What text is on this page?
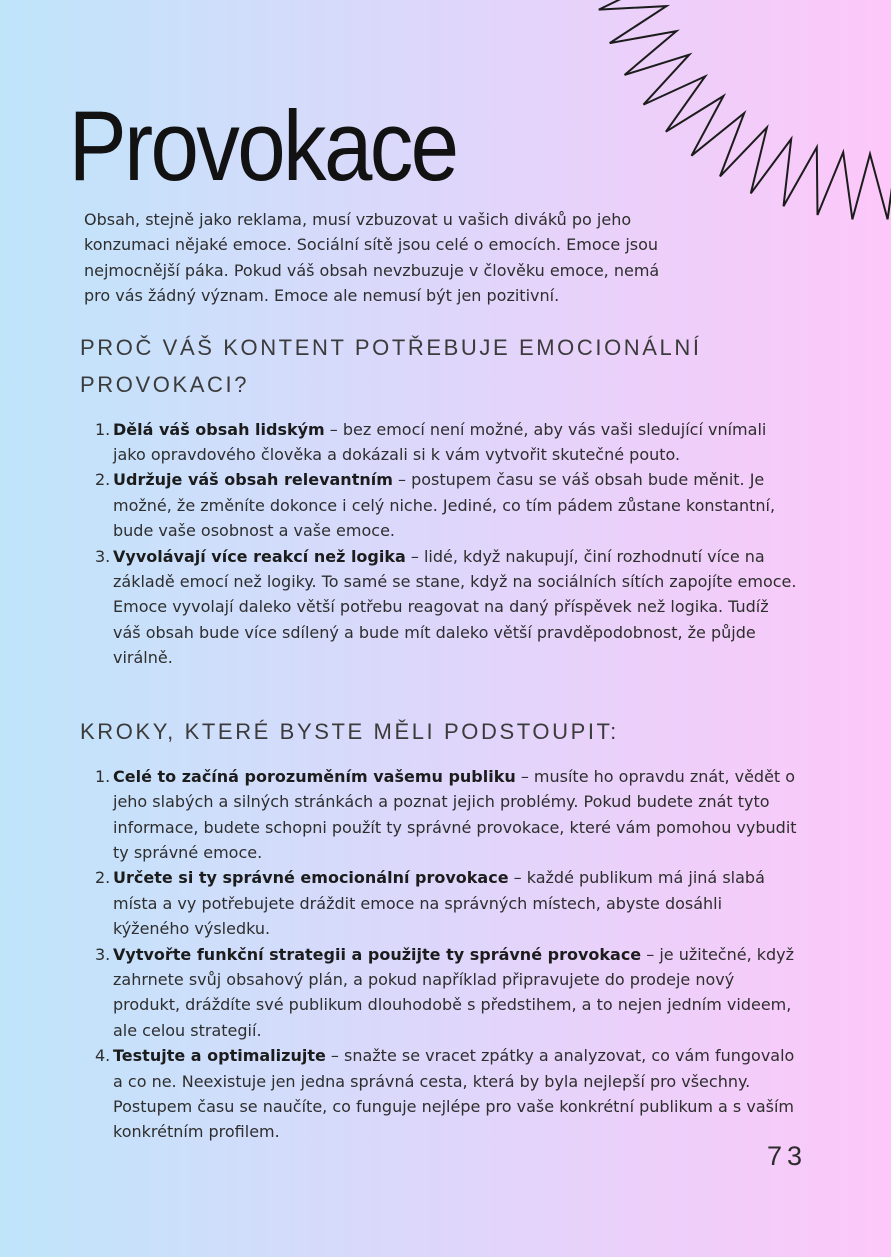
Provokace

Obsah, stejně jako reklama, musí vzbuzovat u vašich diváků po jeho konzumaci nějaké emoce. Sociální sítě jsou celé o emocích. Emoce jsou nejmocnější páka. Pokud váš obsah nevzbuzuje v člověku emoce, nemá pro vás žádný význam. Emoce ale nemusí být jen pozitivní.

PROČ VÁŠ KONTENT POTŘEBUJE EMOCIONÁLNÍ PROVOKACI?
1. Dělá váš obsah lidským – bez emocí není možné, aby vás vaši sledující vnímali jako opravdového člověka a dokázali si k vám vytvořit skutečné pouto.
2. Udržuje váš obsah relevantním – postupem času se váš obsah bude měnit. Je možné, že změníte dokonce i celý niche. Jediné, co tím pádem zůstane konstantní, bude vaše osobnost a vaše emoce.
3. Vyvolávají více reakcí než logika – lidé, když nakupují, činí rozhodnutí více na základě emocí než logiky. To samé se stane, když na sociálních sítích zapojíte emoce. Emoce vyvolají daleko větší potřebu reagovat na daný příspěvek než logika. Tudíž váš obsah bude více sdílený a bude mít daleko větší pravděpodobnost, že půjde virálně.
KROKY, KTERÉ BYSTE MĚLI PODSTOUPIT:
1. Celé to začíná porozuměním vašemu publiku – musíte ho opravdu znát, vědět o jeho slabých a silných stránkách a poznat jejich problémy. Pokud budete znát tyto informace, budete schopni použít ty správné provokace, které vám pomohou vybudit ty správné emoce.
2. Určete si ty správné emocionální provokace – každé publikum má jiná slabá místa a vy potřebujete dráždit emoce na správných místech, abyste dosáhli kýženého výsledku.
3. Vytvořte funkční strategii a použijte ty správné provokace – je užitečné, když zahrnete svůj obsahový plán, a pokud například připravujete do prodeje nový produkt, dráždíte své publikum dlouhodobě s předstihem, a to nejen jedním videem, ale celou strategií.
4. Testujte a optimalizujte – snažte se vracet zpátky a analyzovat, co vám fungovalo a co ne. Neexistuje jen jedna správná cesta, která by byla nejlepší pro všechny. Postupem času se naučíte, co funguje nejlépe pro vaše konkrétní publikum a s vaším konkrétním profilem.
73
